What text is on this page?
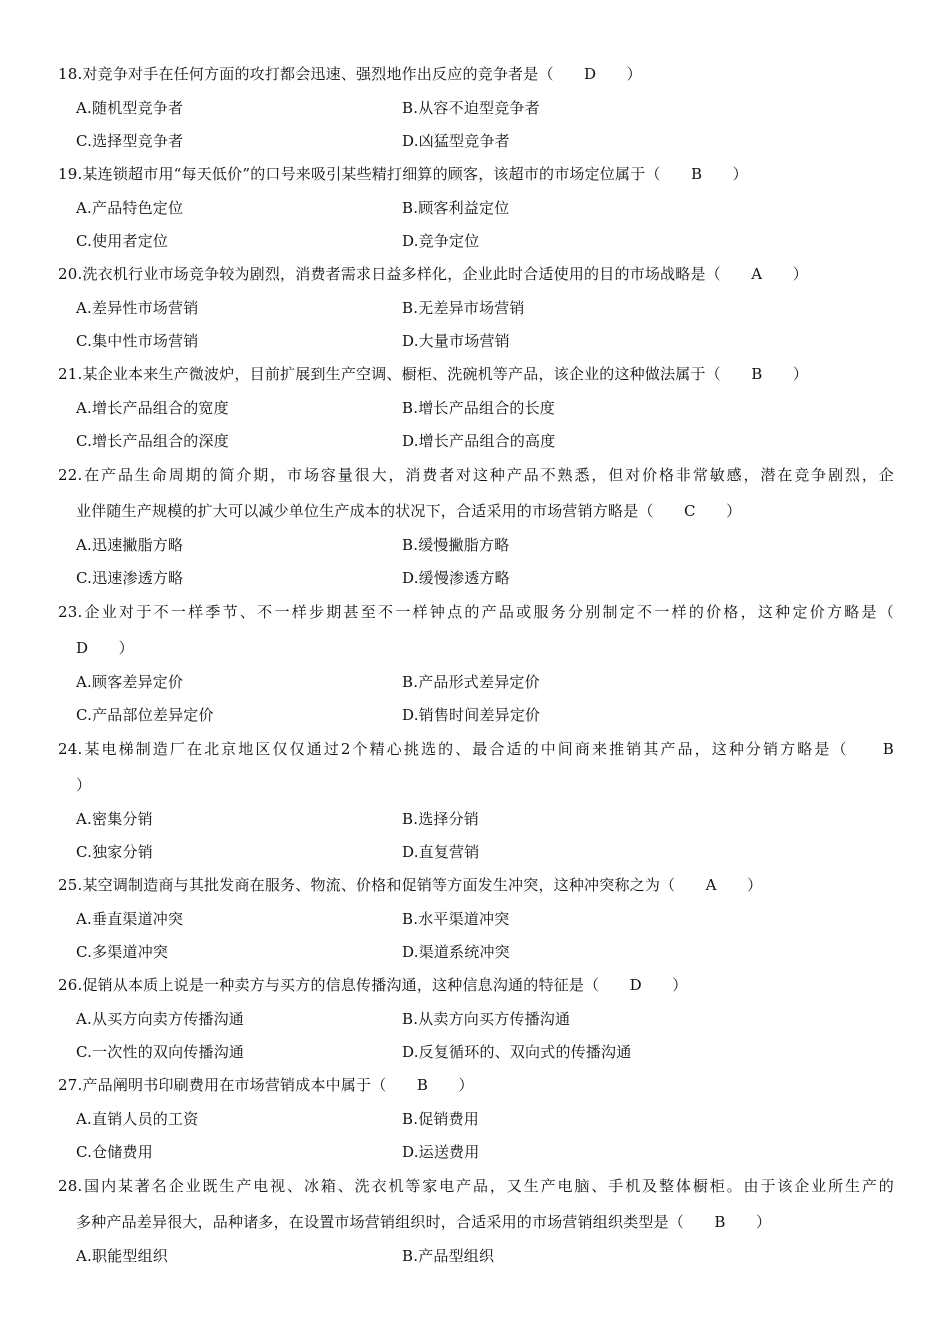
18.对竞争对手在任何方面的攻打都会迅速、强烈地作出反应的竞争者是（　　D　　）
A.随机型竞争者	B.从容不迫型竞争者
C.选择型竞争者	D.凶猛型竞争者
19.某连锁超市用“每天低价”的口号来吸引某些精打细算的顾客，该超市的市场定位属于（　　B　　）
A.产品特色定位	B.顾客利益定位
C.使用者定位	D.竞争定位
20.洗衣机行业市场竞争较为剧烈，消费者需求日益多样化，企业此时合适使用的目的市场战略是（　　A　　）
A.差异性市场营销	B.无差异市场营销
C.集中性市场营销	D.大量市场营销
21.某企业本来生产微波炉，目前扩展到生产空调、橱柜、洗碗机等产品，该企业的这种做法属于（　　B　　）
A.增长产品组合的宽度	B.增长产品组合的长度
C.增长产品组合的深度	D.增长产品组合的高度
22.在产品生命周期的简介期，市场容量很大，消费者对这种产品不熟悉，但对价格非常敏感，潜在竞争剧烈，企
业伴随生产规模的扩大可以减少单位生产成本的状况下，合适采用的市场营销方略是（　　C　　）
A.迅速撇脂方略	B.缓慢撇脂方略
C.迅速渗透方略	D.缓慢渗透方略
23.企业对于不一样季节、不一样步期甚至不一样钟点的产品或服务分别制定不一样的价格，这种定价方略是（
D　　）
A.顾客差异定价	B.产品形式差异定价
C.产品部位差异定价	D.销售时间差异定价
24.某电梯制造厂在北京地区仅仅通过2个精心挑选的、最合适的中间商来推销其产品，这种分销方略是（　　B
）
A.密集分销	B.选择分销
C.独家分销	D.直复营销
25.某空调制造商与其批发商在服务、物流、价格和促销等方面发生冲突，这种冲突称之为（　　A　　）
A.垂直渠道冲突	B.水平渠道冲突
C.多渠道冲突	D.渠道系统冲突
26.促销从本质上说是一种卖方与买方的信息传播沟通，这种信息沟通的特征是（　　D　　）
A.从买方向卖方传播沟通	B.从卖方向买方传播沟通
C.一次性的双向传播沟通	D.反复循环的、双向式的传播沟通
27.产品阐明书印刷费用在市场营销成本中属于（　　B　　）
A.直销人员的工资	B.促销费用
C.仓储费用	D.运送费用
28.国内某著名企业既生产电视、冰箱、洗衣机等家电产品，又生产电脑、手机及整体橱柜。由于该企业所生产的
多种产品差异很大，品种诸多，在设置市场营销组织时，合适采用的市场营销组织类型是（　　B　　）
A.职能型组织	B.产品型组织
